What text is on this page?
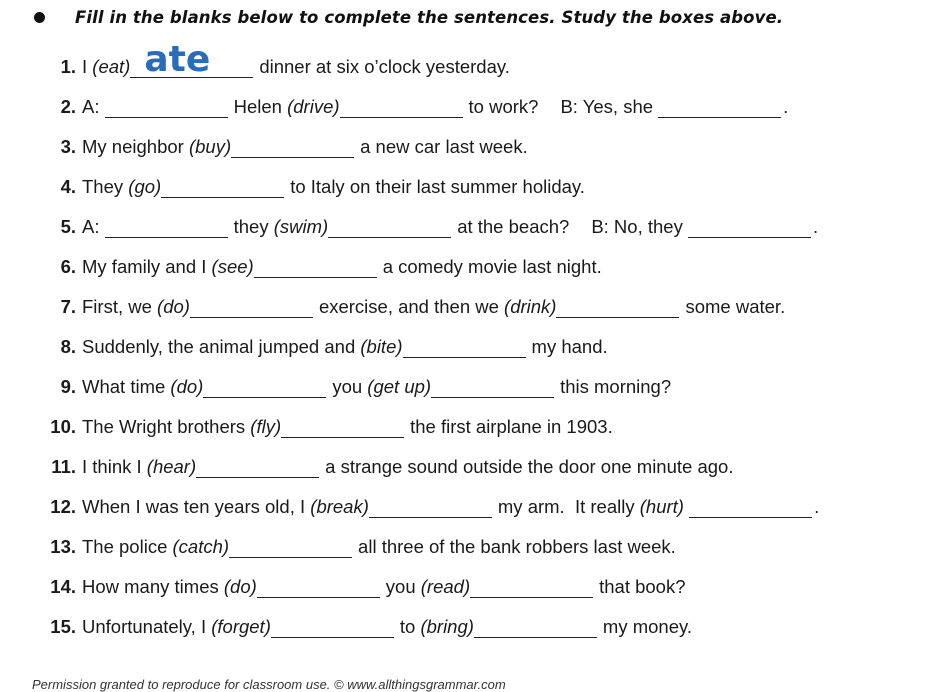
Fill in the blanks below to complete the sentences. Study the boxes above.
1. I (eat) ate	dinner at six o’clock yesterday.
2. A:	Helen (drive)	to work? B: Yes, she	.
3. My neighbor (buy)	a new car last week.
4. They (go)	to Italy on their last summer holiday.
5. A:	they (swim)	at the beach? B: No, they	.
6. My family and I (see)	a comedy movie last night.
7. First, we (do)	exercise, and then we (drink)	some water.
8. Suddenly, the animal jumped and (bite)	my hand.
9. What time (do)	you (get up)	this morning?
10. The Wright brothers (fly)	the first airplane in 1903.
11. I think I (hear)	a strange sound outside the door one minute ago.
12. When I was ten years old, I (break)	my arm.  It really (hurt)
	.
13. The police (catch)	all three of the bank robbers last week.
14. How many times (do)	you (read)	that book?
15. Unfortunately, I (forget)	to (bring)	my money.
Permission granted to reproduce for classroom use. © www.allthingsgrammar.com
